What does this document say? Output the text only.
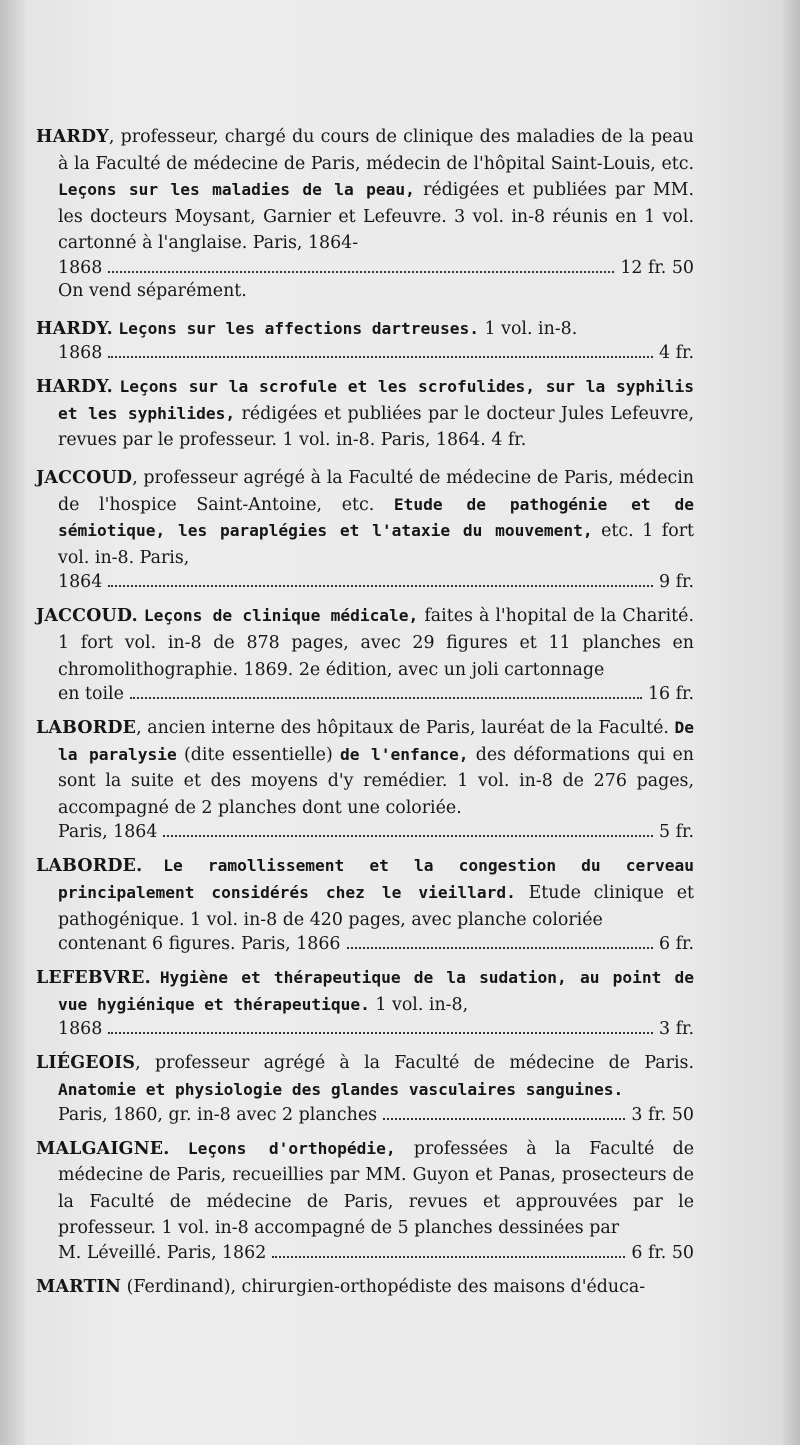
HARDY, professeur, chargé du cours de clinique des maladies de la peau à la Faculté de médecine de Paris, médecin de l'hôpital Saint-Louis, etc. Leçons sur les maladies de la peau, rédigées et publiées par MM. les docteurs Moysant, Garnier et Lefeuvre. 3 vol. in-8 réunis en 1 vol. cartonné à l'anglaise. Paris, 1864-

1868	12 fr. 50

On vend séparément.

HARDY. Leçons sur les affections dartreuses. 1 vol. in-8.

1868	4 fr.

HARDY. Leçons sur la scrofule et les scrofulides, sur la syphilis et les syphilides, rédigées et publiées par le docteur Jules Lefeuvre, revues par le professeur. 1 vol. in-8. Paris, 1864. 4 fr.

JACCOUD, professeur agrégé à la Faculté de médecine de Paris, médecin de l'hospice Saint-Antoine, etc. Etude de pathogénie et de sémiotique, les paraplégies et l'ataxie du mouvement, etc. 1 fort vol. in-8. Paris,

1864	9 fr.

JACCOUD. Leçons de clinique médicale, faites à l'hopital de la Charité. 1 fort vol. in-8 de 878 pages, avec 29 figures et 11 planches en chromolithographie. 1869. 2e édition, avec un joli cartonnage

en toile	16 fr.

LABORDE, ancien interne des hôpitaux de Paris, lauréat de la Faculté. De la paralysie (dite essentielle) de l'enfance, des déformations qui en sont la suite et des moyens d'y remédier. 1 vol. in-8 de 276 pages, accompagné de 2 planches dont une coloriée.

Paris, 1864	5 fr.

LABORDE. Le ramollissement et la congestion du cerveau principalement considérés chez le vieillard. Etude clinique et pathogénique. 1 vol. in-8 de 420 pages, avec planche coloriée

contenant 6 figures. Paris, 1866	6 fr.

LEFEBVRE. Hygiène et thérapeutique de la sudation, au point de vue hygiénique et thérapeutique. 1 vol. in-8,

1868	3 fr.

LIÉGEOIS, professeur agrégé à la Faculté de médecine de Paris. Anatomie et physiologie des glandes vasculaires sanguines.

Paris, 1860, gr. in-8 avec 2 planches	3 fr. 50

MALGAIGNE. Leçons d'orthopédie, professées à la Faculté de médecine de Paris, recueillies par MM. Guyon et Panas, prosecteurs de la Faculté de médecine de Paris, revues et approuvées par le professeur. 1 vol. in-8 accompagné de 5 planches dessinées par

M. Léveillé. Paris, 1862	6 fr. 50

MARTIN (Ferdinand), chirurgien-orthopédiste des maisons d'éduca-
